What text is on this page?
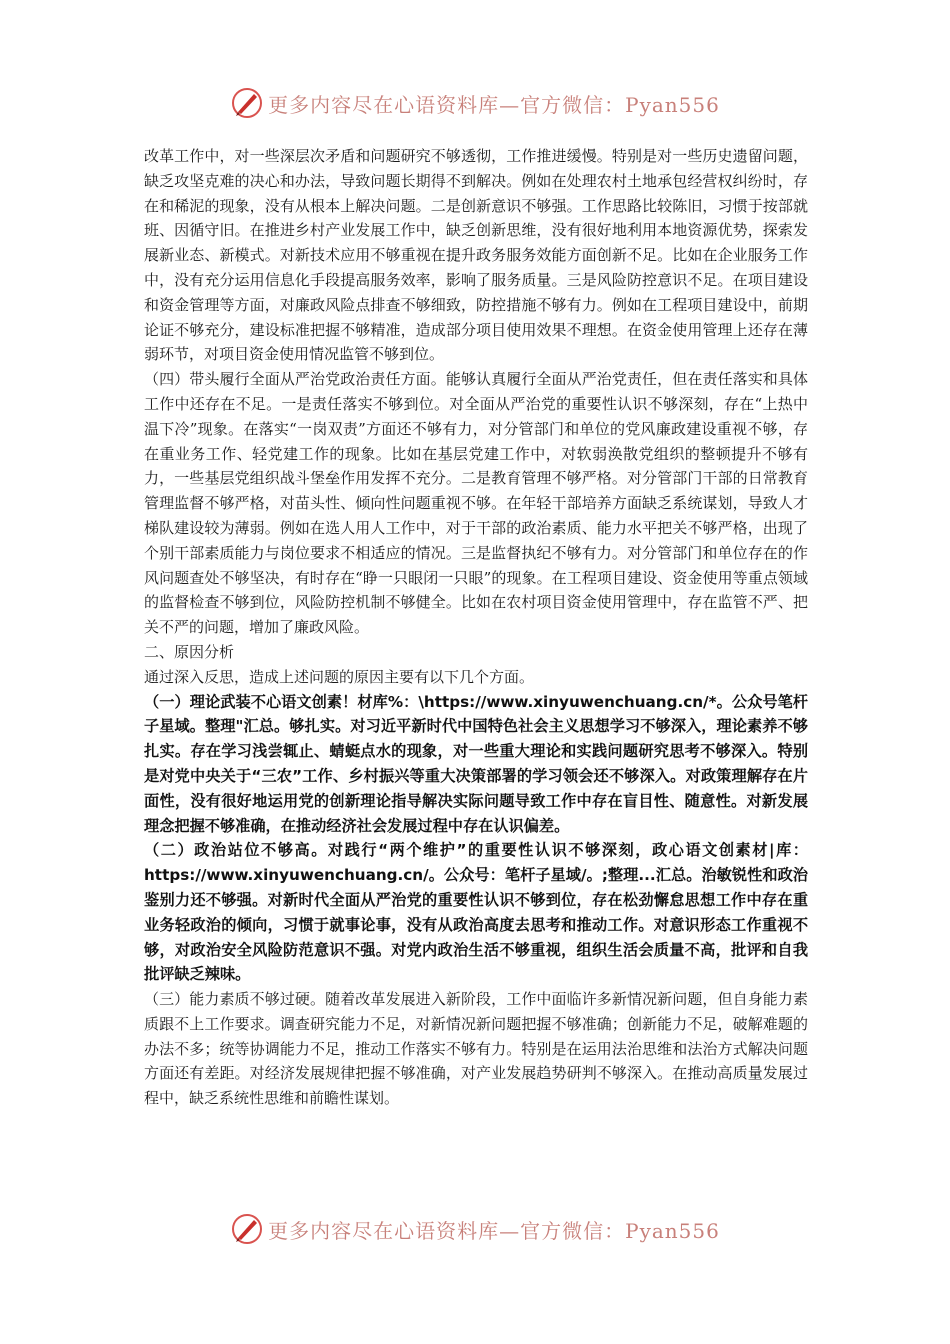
更多内容尽在心语资料库—官方微信：Pyan556

改革工作中，对一些深层次矛盾和问题研究不够透彻，工作推进缓慢。特别是对一些历史遗留问题，缺乏攻坚克难的决心和办法，导致问题长期得不到解决。例如在处理农村土地承包经营权纠纷时，存在和稀泥的现象，没有从根本上解决问题。二是创新意识不够强。工作思路比较陈旧，习惯于按部就班、因循守旧。在推进乡村产业发展工作中，缺乏创新思维，没有很好地利用本地资源优势，探索发展新业态、新模式。对新技术应用不够重视在提升政务服务效能方面创新不足。比如在企业服务工作中，没有充分运用信息化手段提高服务效率，影响了服务质量。三是风险防控意识不足。在项目建设和资金管理等方面，对廉政风险点排查不够细致，防控措施不够有力。例如在工程项目建设中，前期论证不够充分，建设标准把握不够精准，造成部分项目使用效果不理想。在资金使用管理上还存在薄弱环节，对项目资金使用情况监管不够到位。

（四）带头履行全面从严治党政治责任方面。能够认真履行全面从严治党责任，但在责任落实和具体工作中还存在不足。一是责任落实不够到位。对全面从严治党的重要性认识不够深刻，存在“上热中温下冷”现象。在落实“一岗双责”方面还不够有力，对分管部门和单位的党风廉政建设重视不够，存在重业务工作、轻党建工作的现象。比如在基层党建工作中，对软弱涣散党组织的整顿提升不够有力，一些基层党组织战斗堡垒作用发挥不充分。二是教育管理不够严格。对分管部门干部的日常教育管理监督不够严格，对苗头性、倾向性问题重视不够。在年轻干部培养方面缺乏系统谋划，导致人才梯队建设较为薄弱。例如在选人用人工作中，对于干部的政治素质、能力水平把关不够严格，出现了个别干部素质能力与岗位要求不相适应的情况。三是监督执纪不够有力。对分管部门和单位存在的作风问题查处不够坚决，有时存在“睁一只眼闭一只眼”的现象。在工程项目建设、资金使用等重点领域的监督检查不够到位，风险防控机制不够健全。比如在农村项目资金使用管理中，存在监管不严、把关不严的问题，增加了廉政风险。

二、原因分析

通过深入反思，造成上述问题的原因主要有以下几个方面。

（一）理论武装不心语文创素！材库%：\https://www.xinyuwenchuang.cn/*。公众号笔杆子星域。整理"汇总。够扎实。对习近平新时代中国特色社会主义思想学习不够深入，理论素养不够扎实。存在学习浅尝辄止、蜻蜓点水的现象，对一些重大理论和实践问题研究思考不够深入。特别是对党中央关于“三农”工作、乡村振兴等重大决策部署的学习领会还不够深入。对政策理解存在片面性，没有很好地运用党的创新理论指导解决实际问题导致工作中存在盲目性、随意性。对新发展理念把握不够准确，在推动经济社会发展过程中存在认识偏差。

（二）政治站位不够高。对践行“两个维护”的重要性认识不够深刻，政心语文创素材|库：https://www.xinyuwenchuang.cn/。公众号：笔杆子星域/。;整理...汇总。治敏锐性和政治鉴别力还不够强。对新时代全面从严治党的重要性认识不够到位，存在松劲懈怠思想工作中存在重业务轻政治的倾向，习惯于就事论事，没有从政治高度去思考和推动工作。对意识形态工作重视不够，对政治安全风险防范意识不强。对党内政治生活不够重视，组织生活会质量不高，批评和自我批评缺乏辣味。

（三）能力素质不够过硬。随着改革发展进入新阶段，工作中面临许多新情况新问题，但自身能力素质跟不上工作要求。调查研究能力不足，对新情况新问题把握不够准确；创新能力不足，破解难题的办法不多；统等协调能力不足，推动工作落实不够有力。特别是在运用法治思维和法治方式解决问题方面还有差距。对经济发展规律把握不够准确，对产业发展趋势研判不够深入。在推动高质量发展过程中，缺乏系统性思维和前瞻性谋划。

更多内容尽在心语资料库—官方微信：Pyan556
